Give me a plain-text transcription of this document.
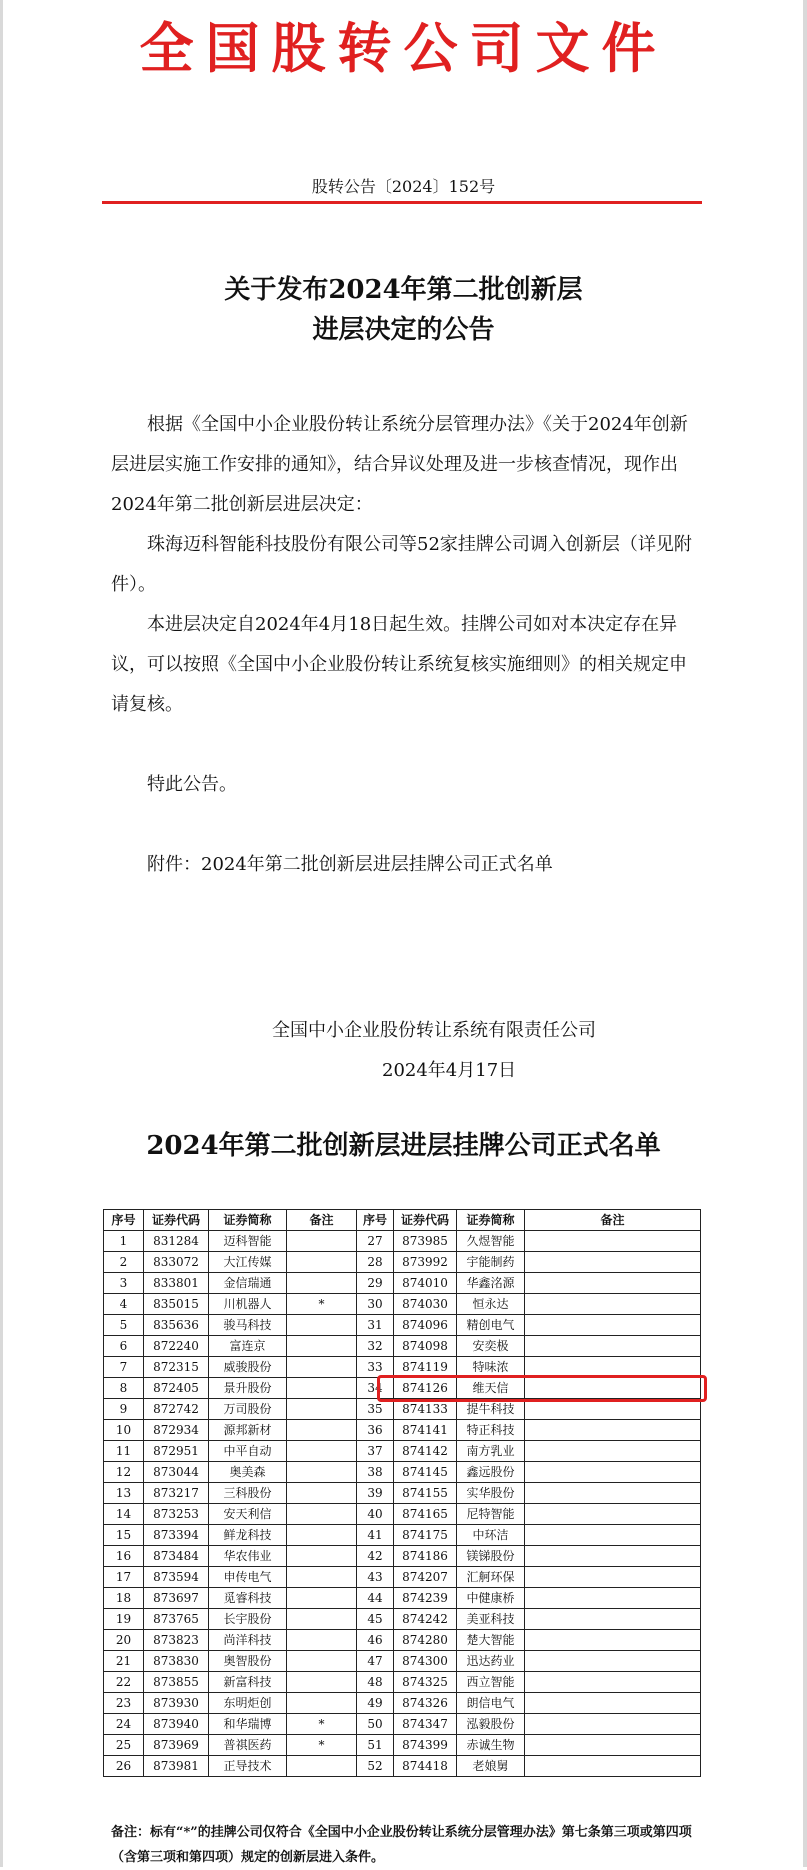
全国股转公司文件
股转公告〔2024〕152号
关于发布2024年第二批创新层
进层决定的公告

根据《全国中小企业股份转让系统分层管理办法》《关于2024年创新层进层实施工作安排的通知》，结合异议处理及进一步核查情况，现作出2024年第二批创新层进层决定：

珠海迈科智能科技股份有限公司等52家挂牌公司调入创新层（详见附件）。

本进层决定自2024年4月18日起生效。挂牌公司如对本决定存在异议，可以按照《全国中小企业股份转让系统复核实施细则》的相关规定申请复核。

特此公告。

附件：2024年第二批创新层进层挂牌公司正式名单

全国中小企业股份转让系统有限责任公司
2024年4月17日
2024年第二批创新层进层挂牌公司正式名单
序号	证券代码	证券简称	备注	序号	证券代码	证券简称	备注
1	831284	迈科智能		27	873985	久煜智能	
2	833072	大江传媒		28	873992	宇能制药	
3	833801	金信瑞通		29	874010	华鑫洺源	
4	835015	川机器人	*	30	874030	恒永达	
5	835636	骏马科技		31	874096	精创电气	
6	872240	富连京		32	874098	安奕极	
7	872315	威骏股份		33	874119	特味浓	
8	872405	景升股份		34	874126	维天信	
9	872742	万司股份		35	874133	提牛科技	
10	872934	源邦新材		36	874141	特正科技	
11	872951	中平自动		37	874142	南方乳业	
12	873044	奥美森		38	874145	鑫远股份	
13	873217	三科股份		39	874155	实华股份	
14	873253	安天利信		40	874165	尼特智能	
15	873394	鲜龙科技		41	874175	中环洁	
16	873484	华农伟业		42	874186	镁锑股份	
17	873594	申传电气		43	874207	汇舸环保	
18	873697	觅睿科技		44	874239	中健康桥	
19	873765	长宇股份		45	874242	美亚科技	
20	873823	尚洋科技		46	874280	楚大智能	
21	873830	奥智股份		47	874300	迅达药业	
22	873855	新富科技		48	874325	西立智能	
23	873930	东明炬创		49	874326	朗信电气	
24	873940	和华瑞博	*	50	874347	泓毅股份	
25	873969	普祺医药	*	51	874399	赤诚生物	
26	873981	正导技术		52	874418	老娘舅	
备注：标有“*”的挂牌公司仅符合《全国中小企业股份转让系统分层管理办法》第七条第三项或第四项（含第三项和第四项）规定的创新层进入条件。
